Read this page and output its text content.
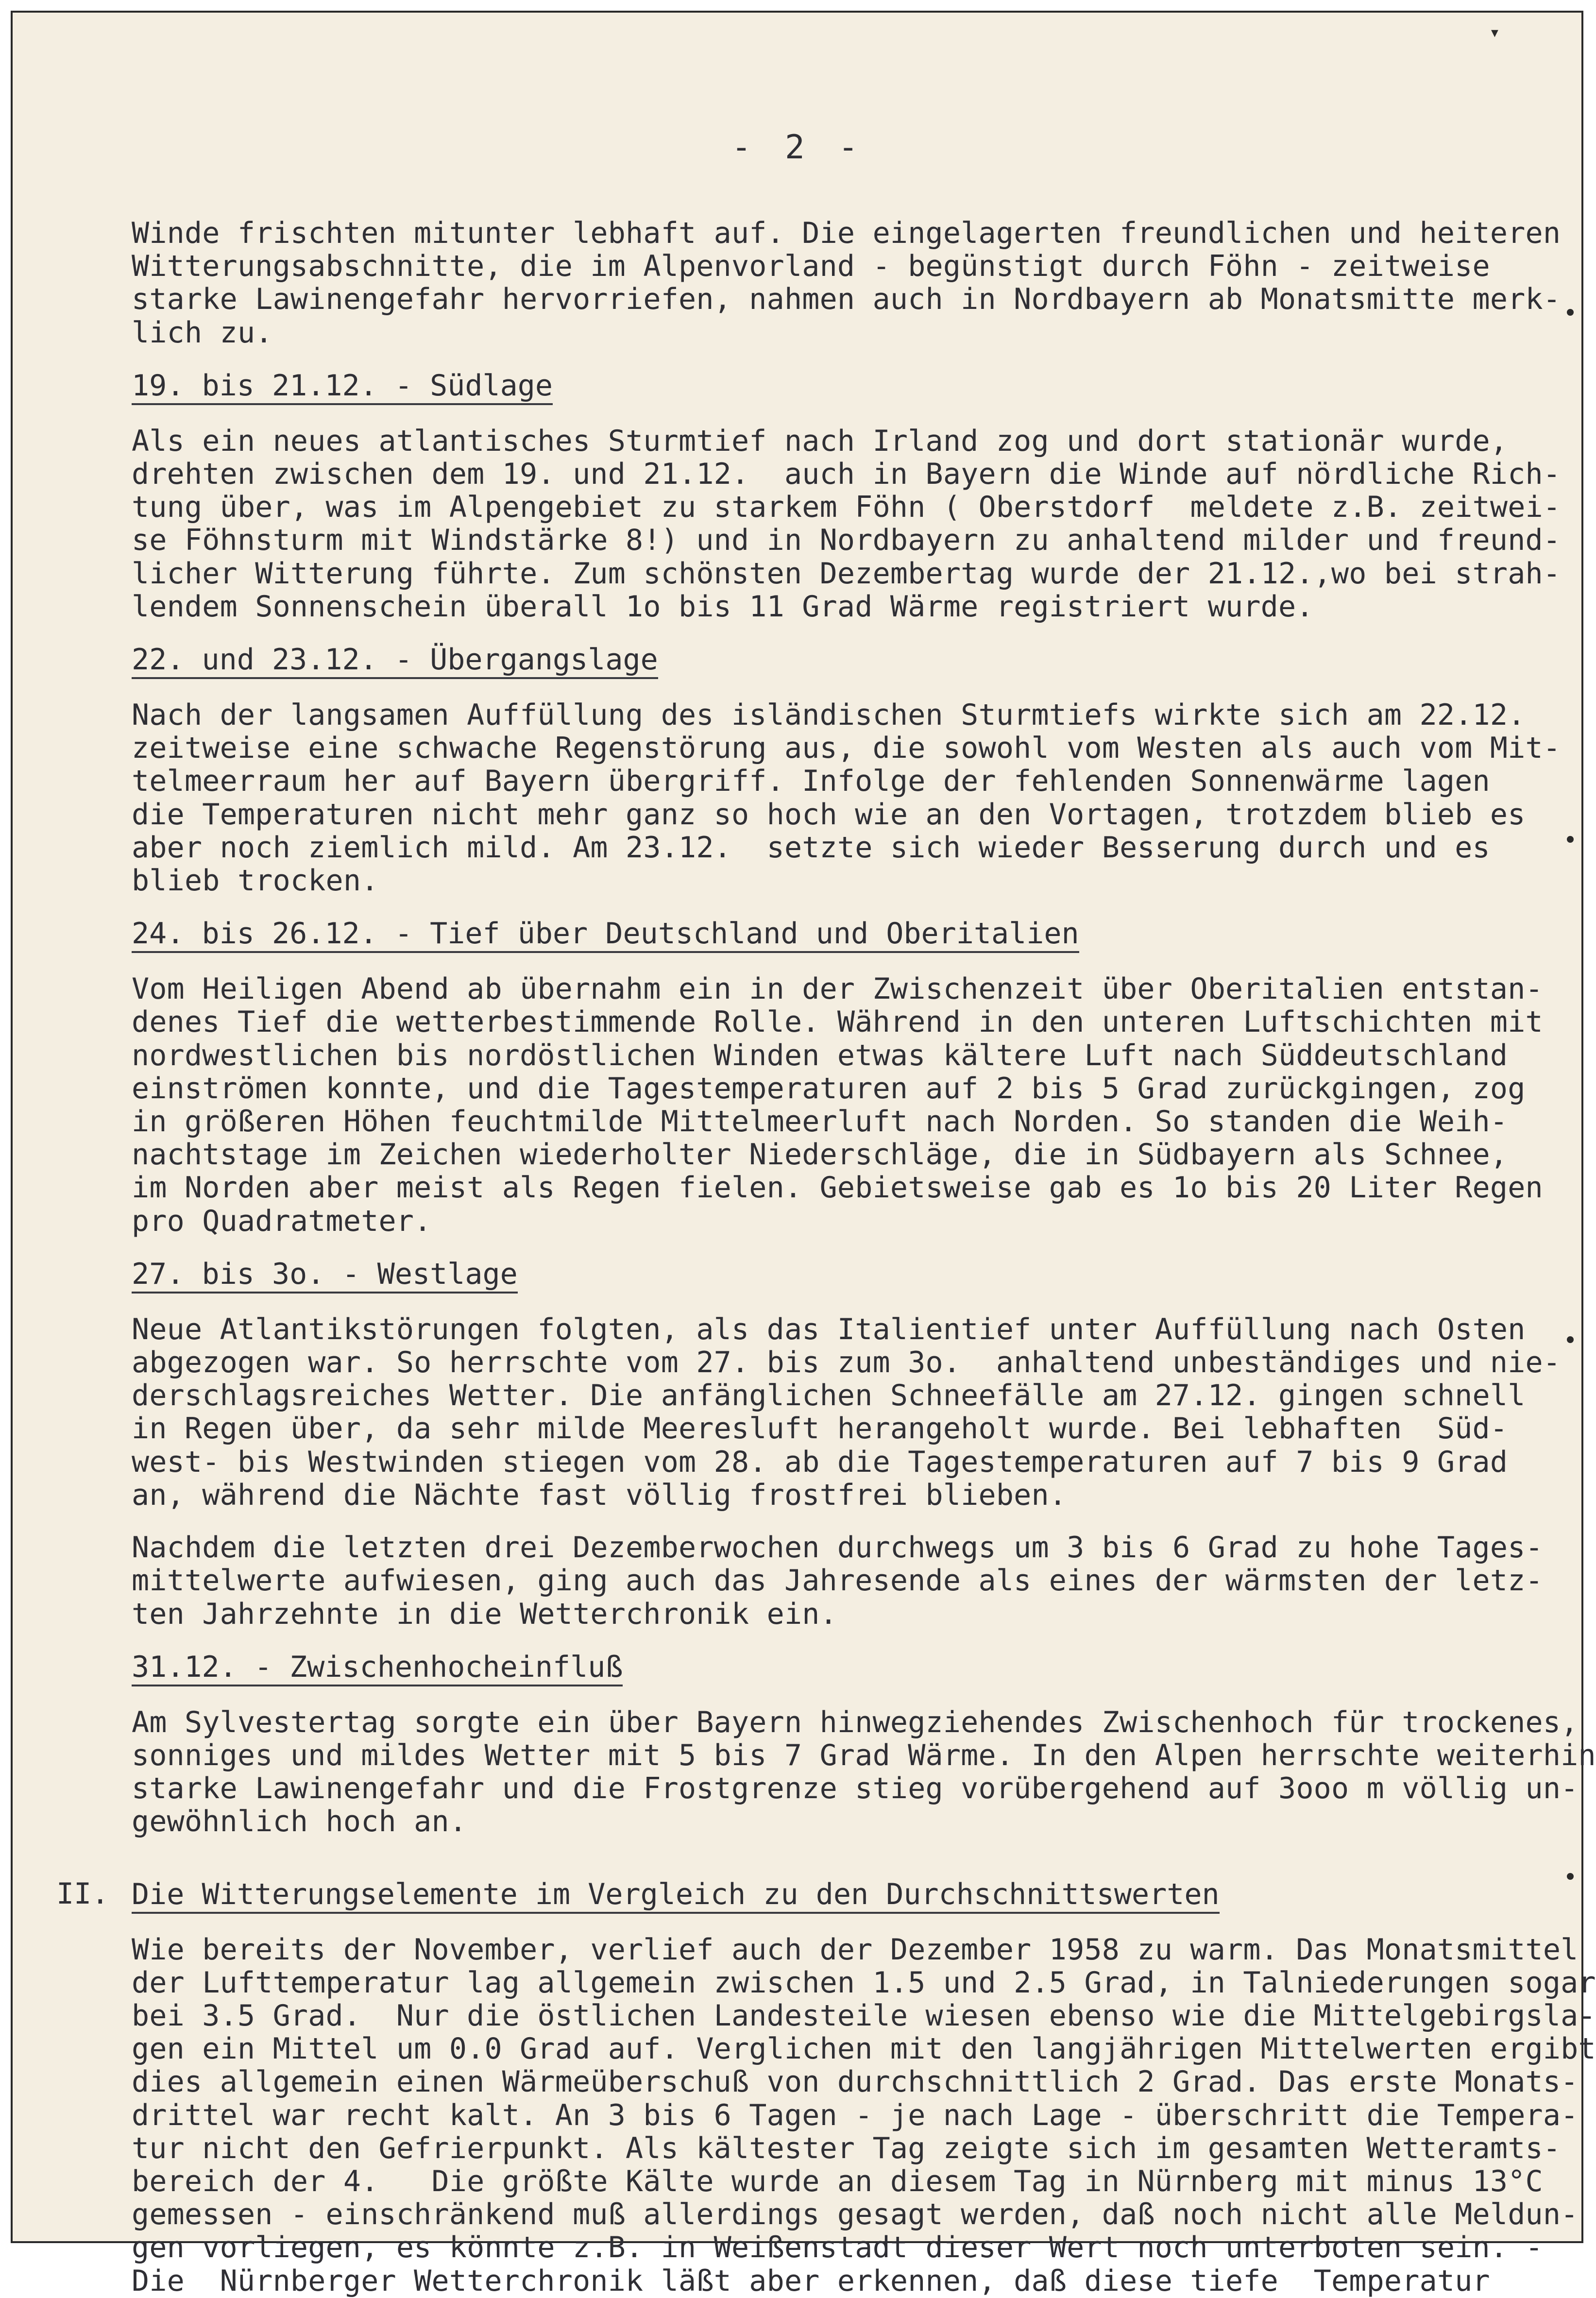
▾
- 2 -

Winde frischten mitunter lebhaft auf. Die eingelagerten freundlichen und heiteren
Witterungsabschnitte, die im Alpenvorland - begünstigt durch Föhn - zeitweise
starke Lawinengefahr hervorriefen, nahmen auch in Nordbayern ab Monatsmitte merk-
lich zu.

19. bis 21.12. - Südlage

Als ein neues atlantisches Sturmtief nach Irland zog und dort stationär wurde,
drehten zwischen dem 19. und 21.12.  auch in Bayern die Winde auf nördliche Rich-
tung über, was im Alpengebiet zu starkem Föhn ( Oberstdorf  meldete z.B. zeitwei-
se Föhnsturm mit Windstärke 8!) und in Nordbayern zu anhaltend milder und freund-
licher Witterung führte. Zum schönsten Dezembertag wurde der 21.12.,wo bei strah-
lendem Sonnenschein überall 1o bis 11 Grad Wärme registriert wurde.

22. und 23.12. - Übergangslage

Nach der langsamen Auffüllung des isländischen Sturmtiefs wirkte sich am 22.12.
zeitweise eine schwache Regenstörung aus, die sowohl vom Westen als auch vom Mit-
telmeerraum her auf Bayern übergriff. Infolge der fehlenden Sonnenwärme lagen
die Temperaturen nicht mehr ganz so hoch wie an den Vortagen, trotzdem blieb es
aber noch ziemlich mild. Am 23.12.  setzte sich wieder Besserung durch und es
blieb trocken.

24. bis 26.12. - Tief über Deutschland und Oberitalien

Vom Heiligen Abend ab übernahm ein in der Zwischenzeit über Oberitalien entstan-
denes Tief die wetterbestimmende Rolle. Während in den unteren Luftschichten mit
nordwestlichen bis nordöstlichen Winden etwas kältere Luft nach Süddeutschland
einströmen konnte, und die Tagestemperaturen auf 2 bis 5 Grad zurückgingen, zog
in größeren Höhen feuchtmilde Mittelmeerluft nach Norden. So standen die Weih-
nachtstage im Zeichen wiederholter Niederschläge, die in Südbayern als Schnee,
im Norden aber meist als Regen fielen. Gebietsweise gab es 1o bis 20 Liter Regen
pro Quadratmeter.

27. bis 3o. - Westlage

Neue Atlantikstörungen folgten, als das Italientief unter Auffüllung nach Osten
abgezogen war. So herrschte vom 27. bis zum 3o.  anhaltend unbeständiges und nie-
derschlagsreiches Wetter. Die anfänglichen Schneefälle am 27.12. gingen schnell
in Regen über, da sehr milde Meeresluft herangeholt wurde. Bei lebhaften  Süd-
west- bis Westwinden stiegen vom 28. ab die Tagestemperaturen auf 7 bis 9 Grad
an, während die Nächte fast völlig frostfrei blieben.

Nachdem die letzten drei Dezemberwochen durchwegs um 3 bis 6 Grad zu hohe Tages-
mittelwerte aufwiesen, ging auch das Jahresende als eines der wärmsten der letz-
ten Jahrzehnte in die Wetterchronik ein.

31.12. - Zwischenhocheinfluß

Am Sylvestertag sorgte ein über Bayern hinwegziehendes Zwischenhoch für trockenes,
sonniges und mildes Wetter mit 5 bis 7 Grad Wärme. In den Alpen herrschte weiterhin
starke Lawinengefahr und die Frostgrenze stieg vorübergehend auf 3ooo m völlig un-
gewöhnlich hoch an.

II. Die Witterungselemente im Vergleich zu den Durchschnittswerten

Wie bereits der November, verlief auch der Dezember 1958 zu warm. Das Monatsmittel
der Lufttemperatur lag allgemein zwischen 1.5 und 2.5 Grad, in Talniederungen sogar
bei 3.5 Grad.  Nur die östlichen Landesteile wiesen ebenso wie die Mittelgebirgsla-
gen ein Mittel um 0.0 Grad auf. Verglichen mit den langjährigen Mittelwerten ergibt
dies allgemein einen Wärmeüberschuß von durchschnittlich 2 Grad. Das erste Monats-
drittel war recht kalt. An 3 bis 6 Tagen - je nach Lage - überschritt die Tempera-
tur nicht den Gefrierpunkt. Als kältester Tag zeigte sich im gesamten Wetteramts-
bereich der 4.   Die größte Kälte wurde an diesem Tag in Nürnberg mit minus 13°C
gemessen - einschränkend muß allerdings gesagt werden, daß noch nicht alle Meldun-
gen vorliegen, es könnte z.B. in Weißenstadt dieser Wert noch unterboten sein. -
Die  Nürnberger Wetterchronik läßt aber erkennen, daß diese tiefe  Temperatur
